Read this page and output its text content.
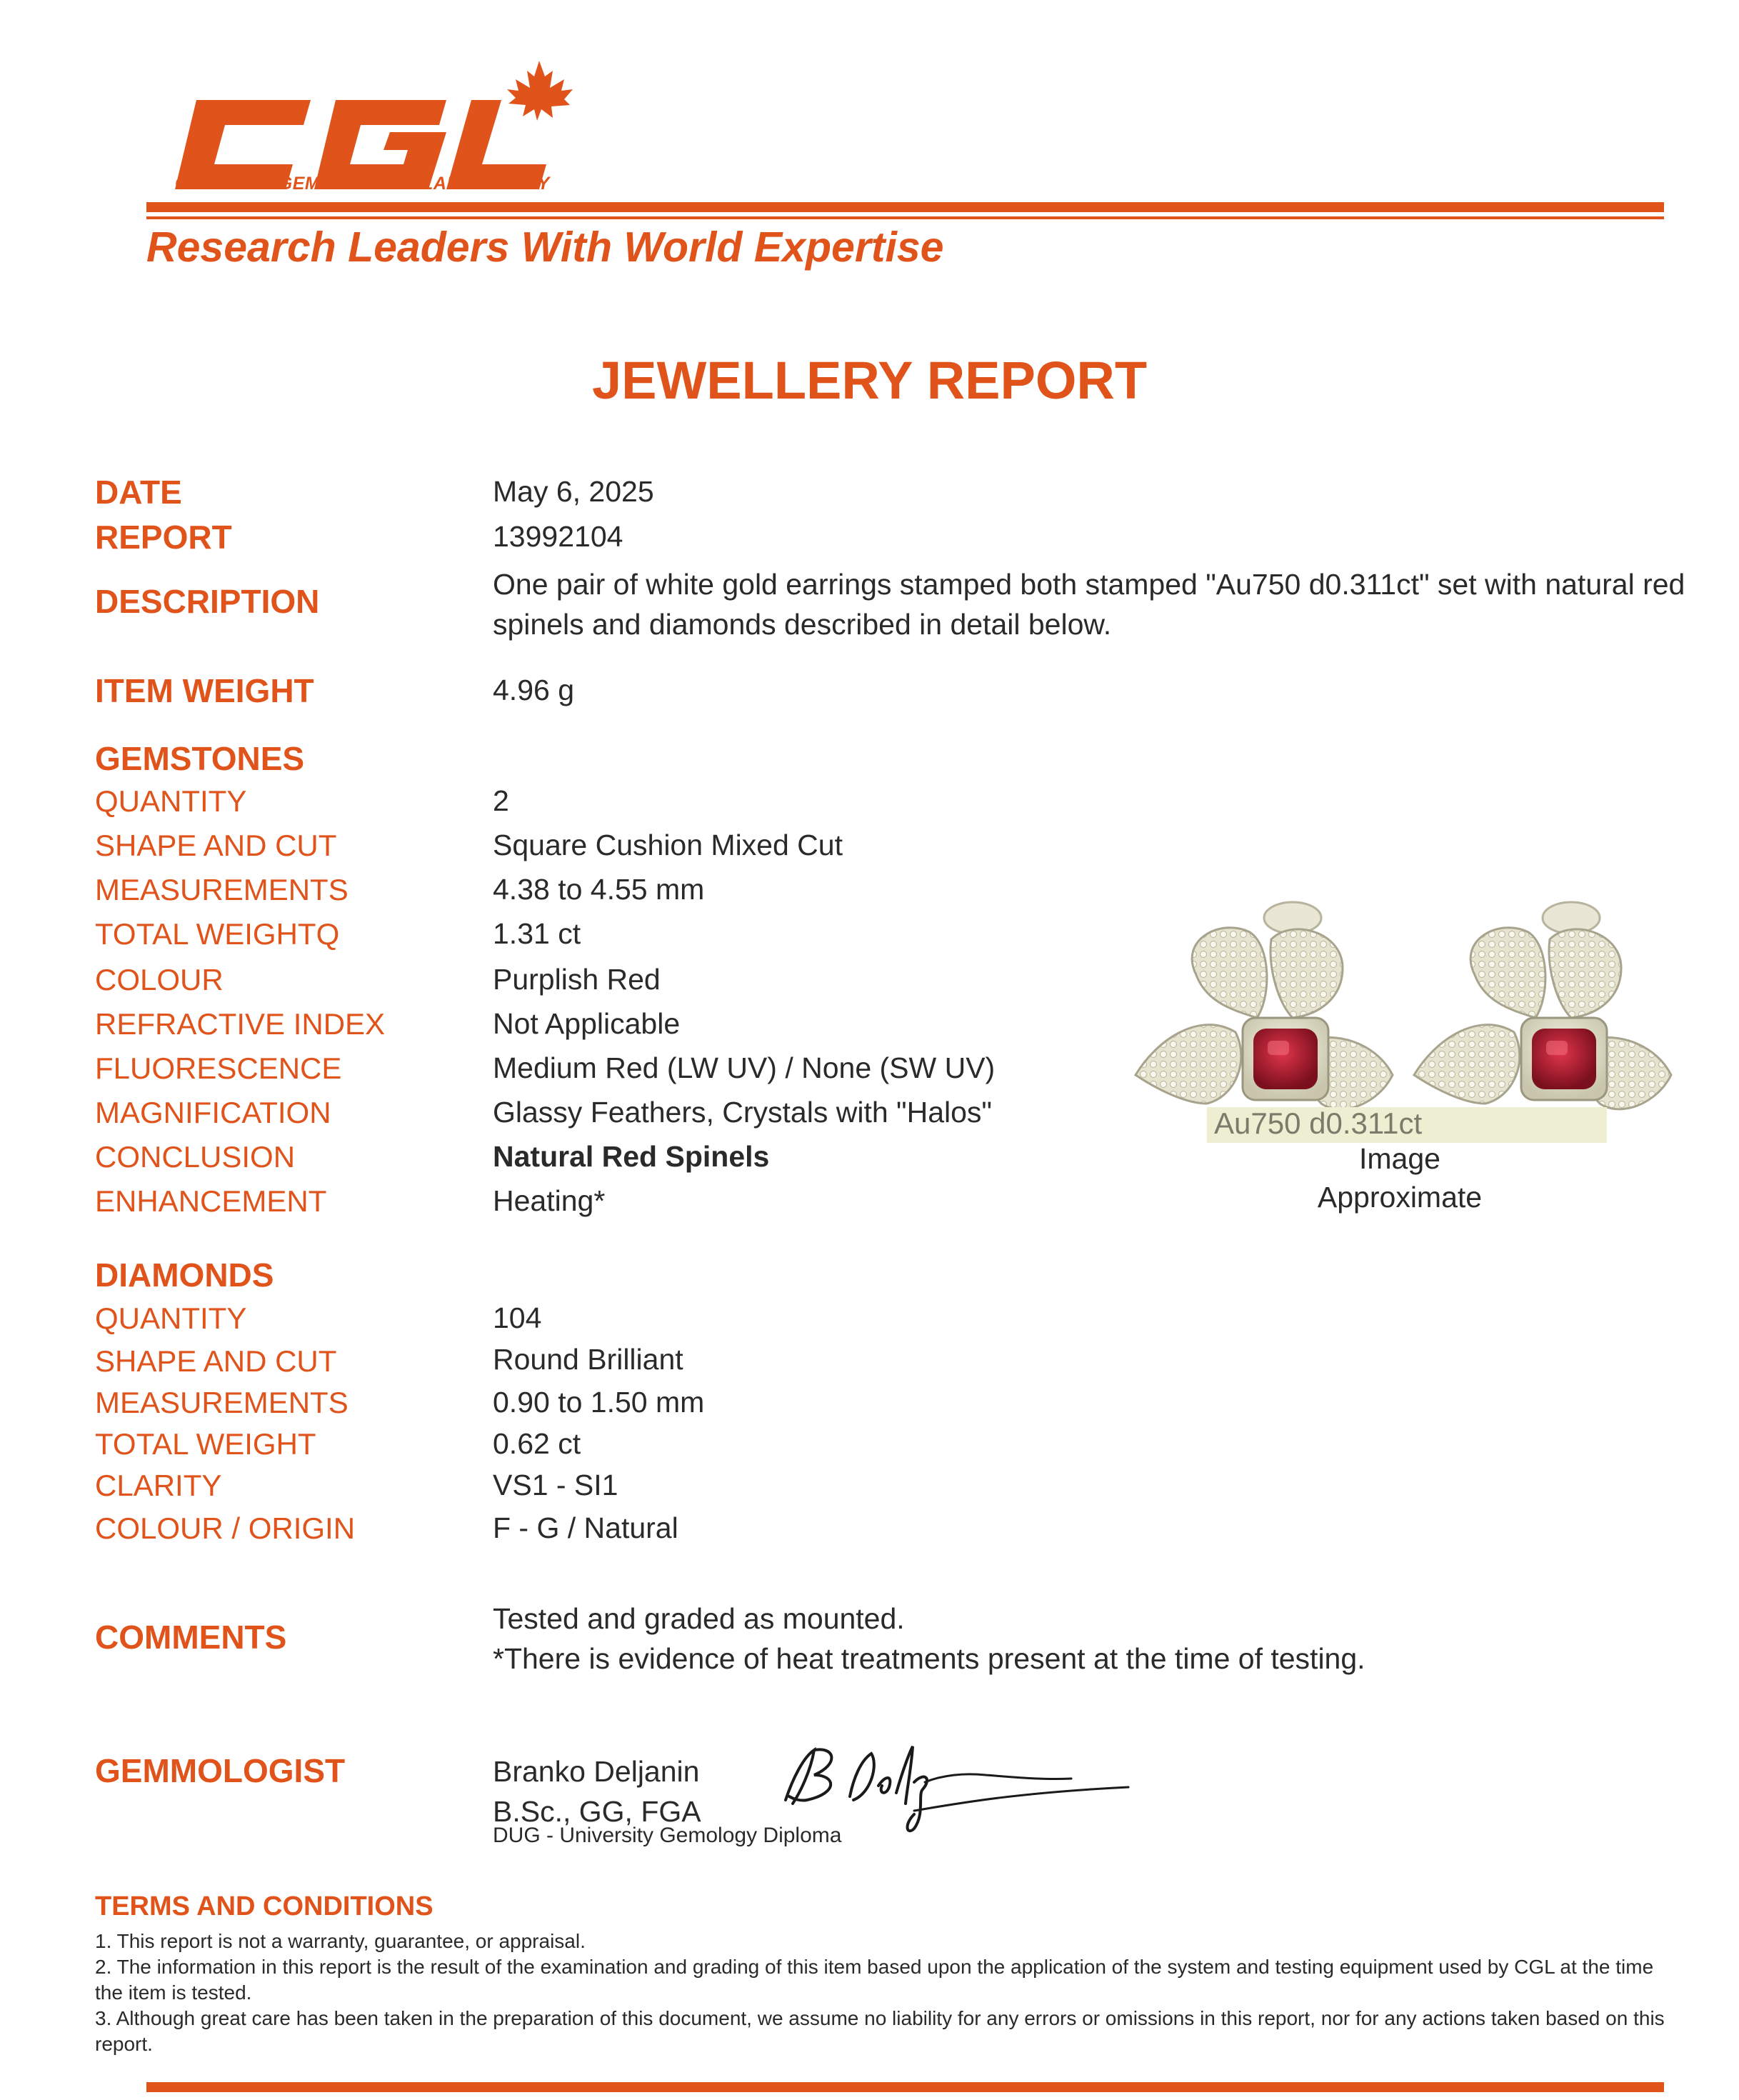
CANADIAN GEMOLOGICAL LABORATORY
Research Leaders With World Expertise
JEWELLERY REPORT
DATE	May 6, 2025
REPORT	13992104
DESCRIPTION	One pair of white gold earrings stamped both stamped "Au750 d0.311ct" set with natural red spinels and diamonds described in detail below.
ITEM WEIGHT	4.96 g
GEMSTONES
QUANTITY	2
SHAPE AND CUT	Square Cushion Mixed Cut
MEASUREMENTS	4.38 to 4.55 mm
TOTAL WEIGHTQ	1.31 ct
COLOUR	Purplish Red
REFRACTIVE INDEX	Not Applicable
FLUORESCENCE	Medium Red (LW UV) / None (SW UV)
MAGNIFICATION	Glassy Feathers, Crystals with "Halos"
CONCLUSION	Natural Red Spinels
ENHANCEMENT	Heating*
Au750 d0.311ct
Image
Approximate
DIAMONDS
QUANTITY	104
SHAPE AND CUT	Round Brilliant
MEASUREMENTS	0.90 to 1.50 mm
TOTAL WEIGHT	0.62 ct
CLARITY	VS1 - SI1
COLOUR / ORIGIN	F - G / Natural
COMMENTS	Tested and graded as mounted.
*There is evidence of heat treatments present at the time of testing.
GEMMOLOGIST	Branko Deljanin
B.Sc., GG, FGA
DUG - University Gemology Diploma
TERMS AND CONDITIONS

1. This report is not a warranty, guarantee, or appraisal.

2. The information in this report is the result of the examination and grading of this item based upon the application of the system and testing equipment used by CGL at the time the item is tested.

3. Although great care has been taken in the preparation of this document, we assume no liability for any errors or omissions in this report, nor for any actions taken based on this report.
